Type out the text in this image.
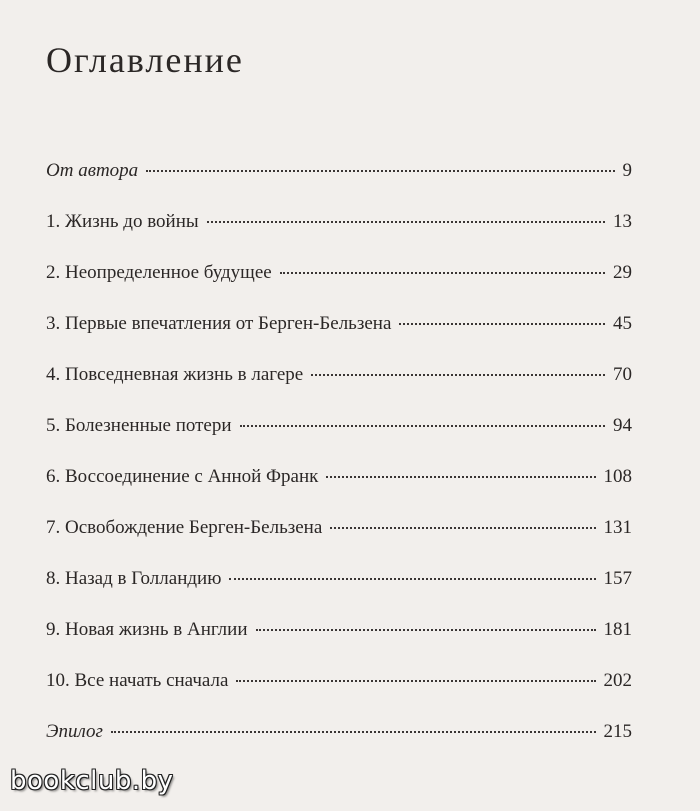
Оглавление
От автора	9
1. Жизнь до войны	13
2. Неопределенное будущее	29
3. Первые впечатления от Берген-Бельзена	45
4. Повседневная жизнь в лагере	70
5. Болезненные потери	94
6. Воссоединение с Анной Франк	108
7. Освобождение Берген-Бельзена	131
8. Назад в Голландию	157
9. Новая жизнь в Англии	181
10. Все начать сначала	202
Эпилог	215
bookclub.by
